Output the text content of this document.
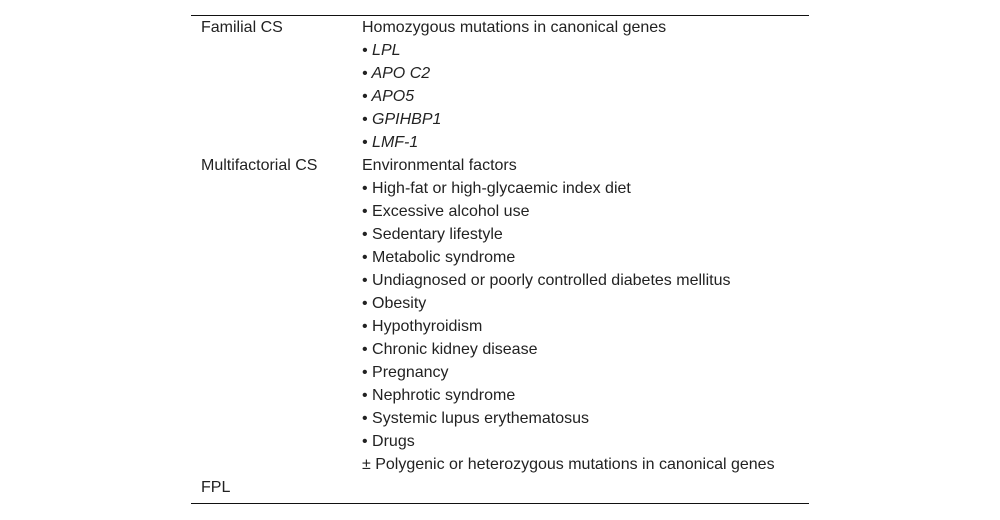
Familial CS	Homozygous mutations in canonical genes
• LPL
• APO C2
• APO5
• GPIHBP1
• LMF-1
Multifactorial CS	Environmental factors
• High-fat or high-glycaemic index diet
• Excessive alcohol use
• Sedentary lifestyle
• Metabolic syndrome
• Undiagnosed or poorly controlled diabetes mellitus
• Obesity
• Hypothyroidism
• Chronic kidney disease
• Pregnancy
• Nephrotic syndrome
• Systemic lupus erythematosus
• Drugs
± Polygenic or heterozygous mutations in canonical genes
FPL
